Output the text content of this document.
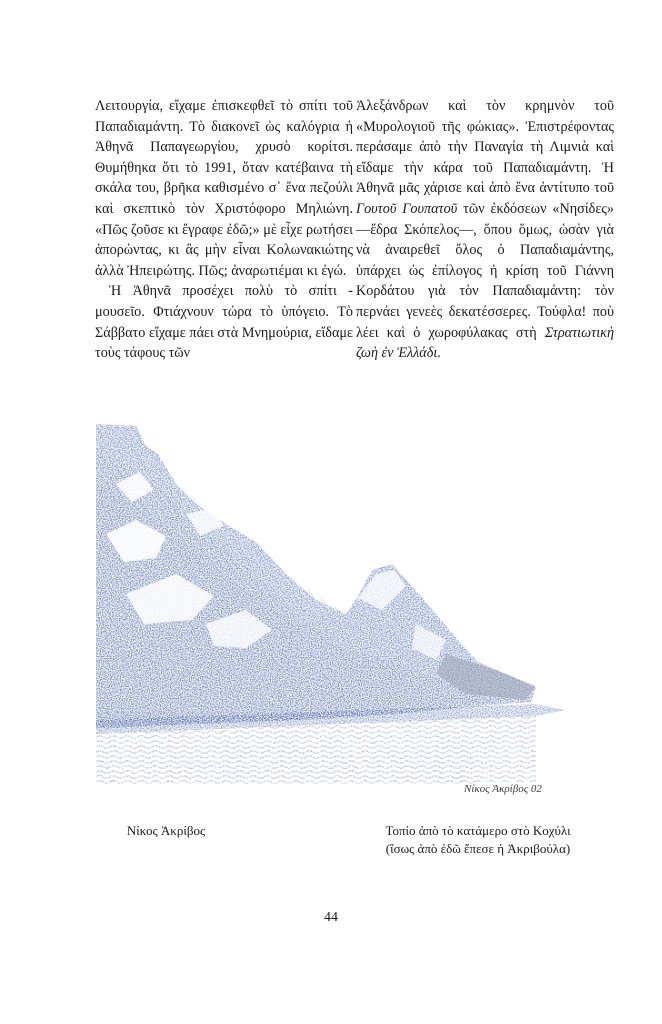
Λειτουργία, εἴχαμε ἐπισκεφθεῖ τὸ σπίτι τοῦ Παπαδιαμάντη. Τὸ διακονεῖ ὡς καλόγρια ἡ Ἀθηνᾶ Παπαγεωργίου, χρυσὸ κορίτσι. Θυμήθηκα ὅτι τὸ 1991, ὅταν κατέβαινα τὴ σκάλα του, βρῆκα καθισμένο σ᾽ ἕνα πεζούλι καὶ σκεπτικὸ τὸν Χριστόφορο Μηλιώνη. «Πῶς ζοῦσε κι ἔγραφε ἐδῶ;» μὲ εἶχε ρωτήσει ἀπορώντας, κι ἂς μὴν εἶναι Κολωνακιώτης ἀλλὰ Ἠπειρώτης. Πῶς; ἀναρωτιέμαι κι ἐγώ.

Ἡ Ἀθηνᾶ προσέχει πολὺ τὸ σπίτι - μουσεῖο. Φτιάχνουν τώρα τὸ ὑπόγειο. Τὸ Σάββατο εἴχαμε πάει στὰ Μνημούρια, εἴδαμε τοὺς τάφους τῶν

Ἀλεξάνδρων καὶ τὸν κρημνὸν τοῦ «Μυρολογιοῦ τῆς φώκιας». Ἐπιστρέφοντας περάσαμε ἀπὸ τὴν Παναγία τὴ Λιμνιὰ καὶ εἴδαμε τὴν κάρα τοῦ Παπαδιαμάντη. Ἡ Ἀθηνᾶ μᾶς χάρισε καὶ ἀπὸ ἕνα ἀντίτυπο τοῦ Γουτοῦ Γουπατοῦ τῶν ἐκδόσεων «Νησίδες» —ἕδρα Σκόπελος—, ὅπου ὅμως, ὡσὰν γιὰ νὰ ἀναιρεθεῖ ὅλος ὁ Παπαδιαμάντης, ὑπάρχει ὡς ἐπίλογος ἡ κρίση τοῦ Γιάννη Κορδάτου γιὰ τὸν Παπαδιαμάντη: τὸν περνάει γενεὲς δεκατέσσερες. Τούφλα! ποὺ λέει καὶ ὁ χωροφύλακας στὴ Στρατιωτικὴ ζωὴ ἐν Ἑλλάδι.

Νίκος Ἀκρίβος 02
Νίκος Ἀκρίβος	Τοπίο ἀπὸ τὸ κατάμερο στὸ Κοχύλι
(ἴσως ἀπὸ ἐδῶ ἔπεσε ἡ Ἀκριβούλα)
44
